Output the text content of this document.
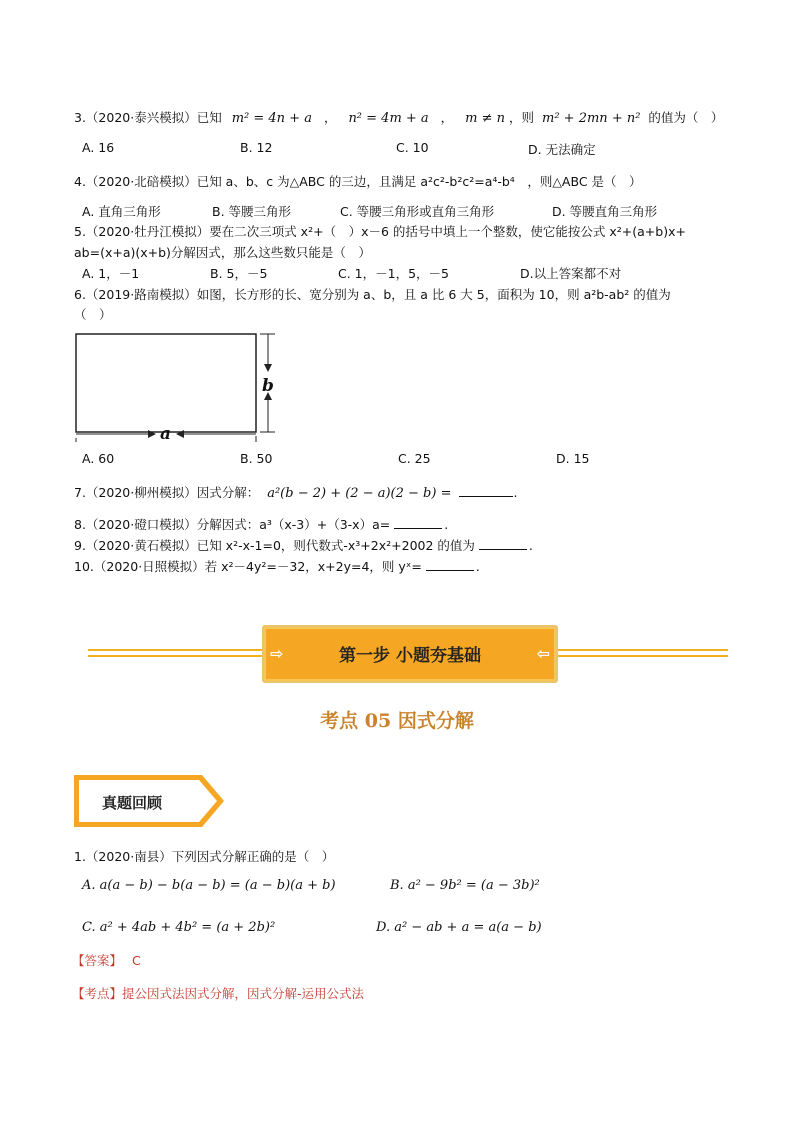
3.（2020·泰兴模拟）已知 m² = 4n + a ， n² = 4m + a ， m ≠ n ，则 m² + 2mn + n² 的值为（　）
A. 16	B. 12	C. 10	D. 无法确定
4.（2020·北碚模拟）已知 a、b、c 为△ABC 的三边，且满足 a²c²-b²c²=a⁴-b⁴　，则△ABC 是（　）
A. 直角三角形	B. 等腰三角形	C. 等腰三角形或直角三角形	D. 等腰直角三角形
5.（2020·牡丹江模拟）要在二次三项式 x²+（　）x－6 的括号中填上一个整数，使它能按公式 x²+(a+b)x+
ab=(x+a)(x+b)分解因式，那么这些数只能是（　）
A. 1，－1	B. 5，－5	C. 1，－1，5，－5	D.以上答案都不对
6.（2019·路南模拟）如图，长方形的长、宽分别为 a、b，且 a 比 6 大 5，面积为 10，则 a²b-ab² 的值为
（　）
b
a
A. 60	B. 50	C. 25	D. 15
7.（2020·柳州模拟）因式分解： a²(b − 2) + (2 − a)(2 − b) =	.
8.（2020·磴口模拟）分解因式：a³（x-3）+（3-x）a=	.
9.（2020·黄石模拟）已知 x²-x-1=0，则代数式-x³+2x²+2002 的值为	.
10.（2020·日照模拟）若 x²－4y²=－32，x+2y=4，则 yˣ=	.
⇨	第一步 小题夯基础	⇦
考点 05 因式分解
真题回顾
1.（2020·南县）下列因式分解正确的是（　）
A. a(a − b) − b(a − b) = (a − b)(a + b)	B. a² − 9b² = (a − 3b)²
C. a² + 4ab + 4b² = (a + 2b)²	D. a² − ab + a = a(a − b)
【答案】 C
【考点】提公因式法因式分解，因式分解-运用公式法
